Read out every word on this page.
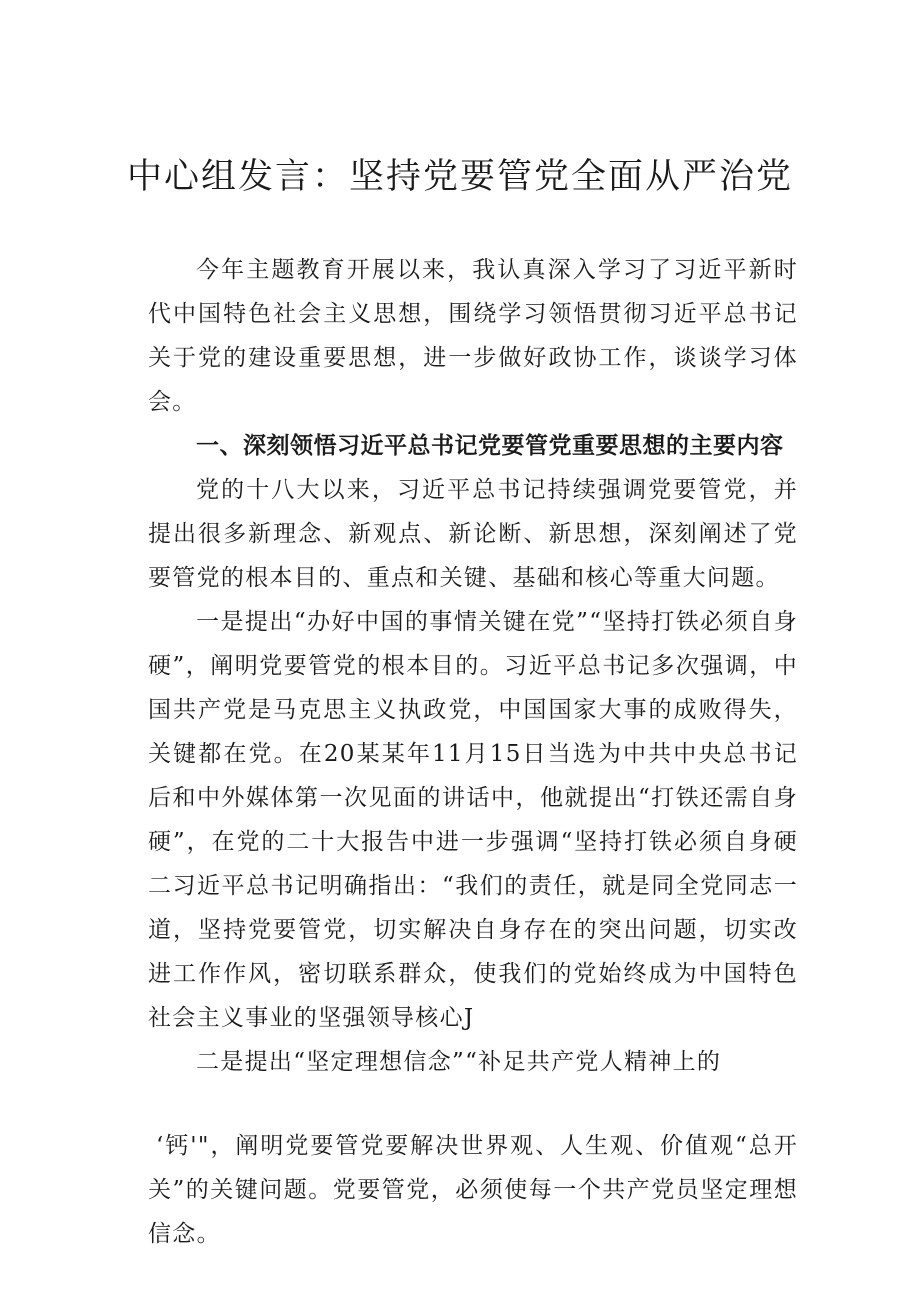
中心组发言：坚持党要管党全面从严治党

今年主题教育开展以来，我认真深入学习了习近平新时代中国特色社会主义思想，围绕学习领悟贯彻习近平总书记关于党的建设重要思想，进一步做好政协工作，谈谈学习体会。

一、深刻领悟习近平总书记党要管党重要思想的主要内容

党的十八大以来，习近平总书记持续强调党要管党，并提出很多新理念、新观点、新论断、新思想，深刻阐述了党要管党的根本目的、重点和关键、基础和核心等重大问题。

一是提出“办好中国的事情关键在党”“坚持打铁必须自身硬”，阐明党要管党的根本目的。习近平总书记多次强调，中国共产党是马克思主义执政党，中国国家大事的成败得失，关键都在党。在20某某年11月15日当选为中共中央总书记后和中外媒体第一次见面的讲话中，他就提出“打铁还需自身硬”，在党的二十大报告中进一步强调“坚持打铁必须自身硬二习近平总书记明确指出：“我们的责任，就是同全党同志一道，坚持党要管党，切实解决自身存在的突出问题，切实改进工作作风，密切联系群众，使我们的党始终成为中国特色社会主义事业的坚强领导核心J

二是提出“坚定理想信念”“补足共产党人精神上的

‘钙'"，阐明党要管党要解决世界观、人生观、价值观“总开关”的关键问题。党要管党，必须使每一个共产党员坚定理想信念。
